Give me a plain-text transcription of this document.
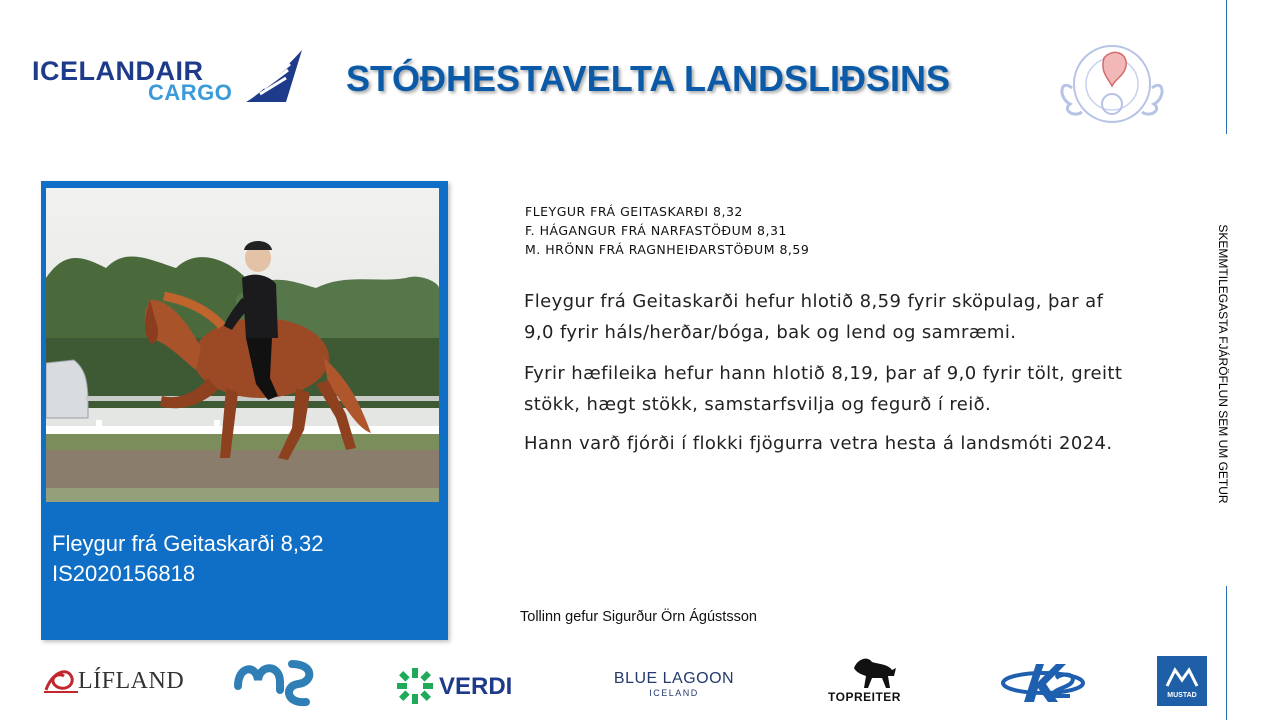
ICELANDAIR
CARGO	STÓÐHESTAVELTA LANDSLIÐSINS
SKEMMTILEGASTA FJÁRÖFLUN SEM UM GETUR
Fleygur frá Geitaskarði 8,32
IS2020156818
FLEYGUR FRÁ GEITASKARÐI 8,32
F. HÁGANGUR FRÁ NARFASTÖÐUM 8,31
M. HRÖNN FRÁ RAGNHEIÐARSTÖÐUM 8,59
Fleygur frá Geitaskarði hefur hlotið 8,59 fyrir sköpulag, þar af 9,0 fyrir háls/herðar/bóga, bak og lend og samræmi.
Fyrir hæfileika hefur hann hlotið 8,19, þar af 9,0 fyrir tölt, greitt stökk, hægt stökk, samstarfsvilja og fegurð í reið.
Hann varð fjórði í flokki fjögurra vetra hesta á landsmóti 2024.
Tollinn gefur Sigurður Örn Ágústsson
LÍFLAND	VERDI	BLUE LAGOON
ICELAND	TOPREITER	MUSTAD
